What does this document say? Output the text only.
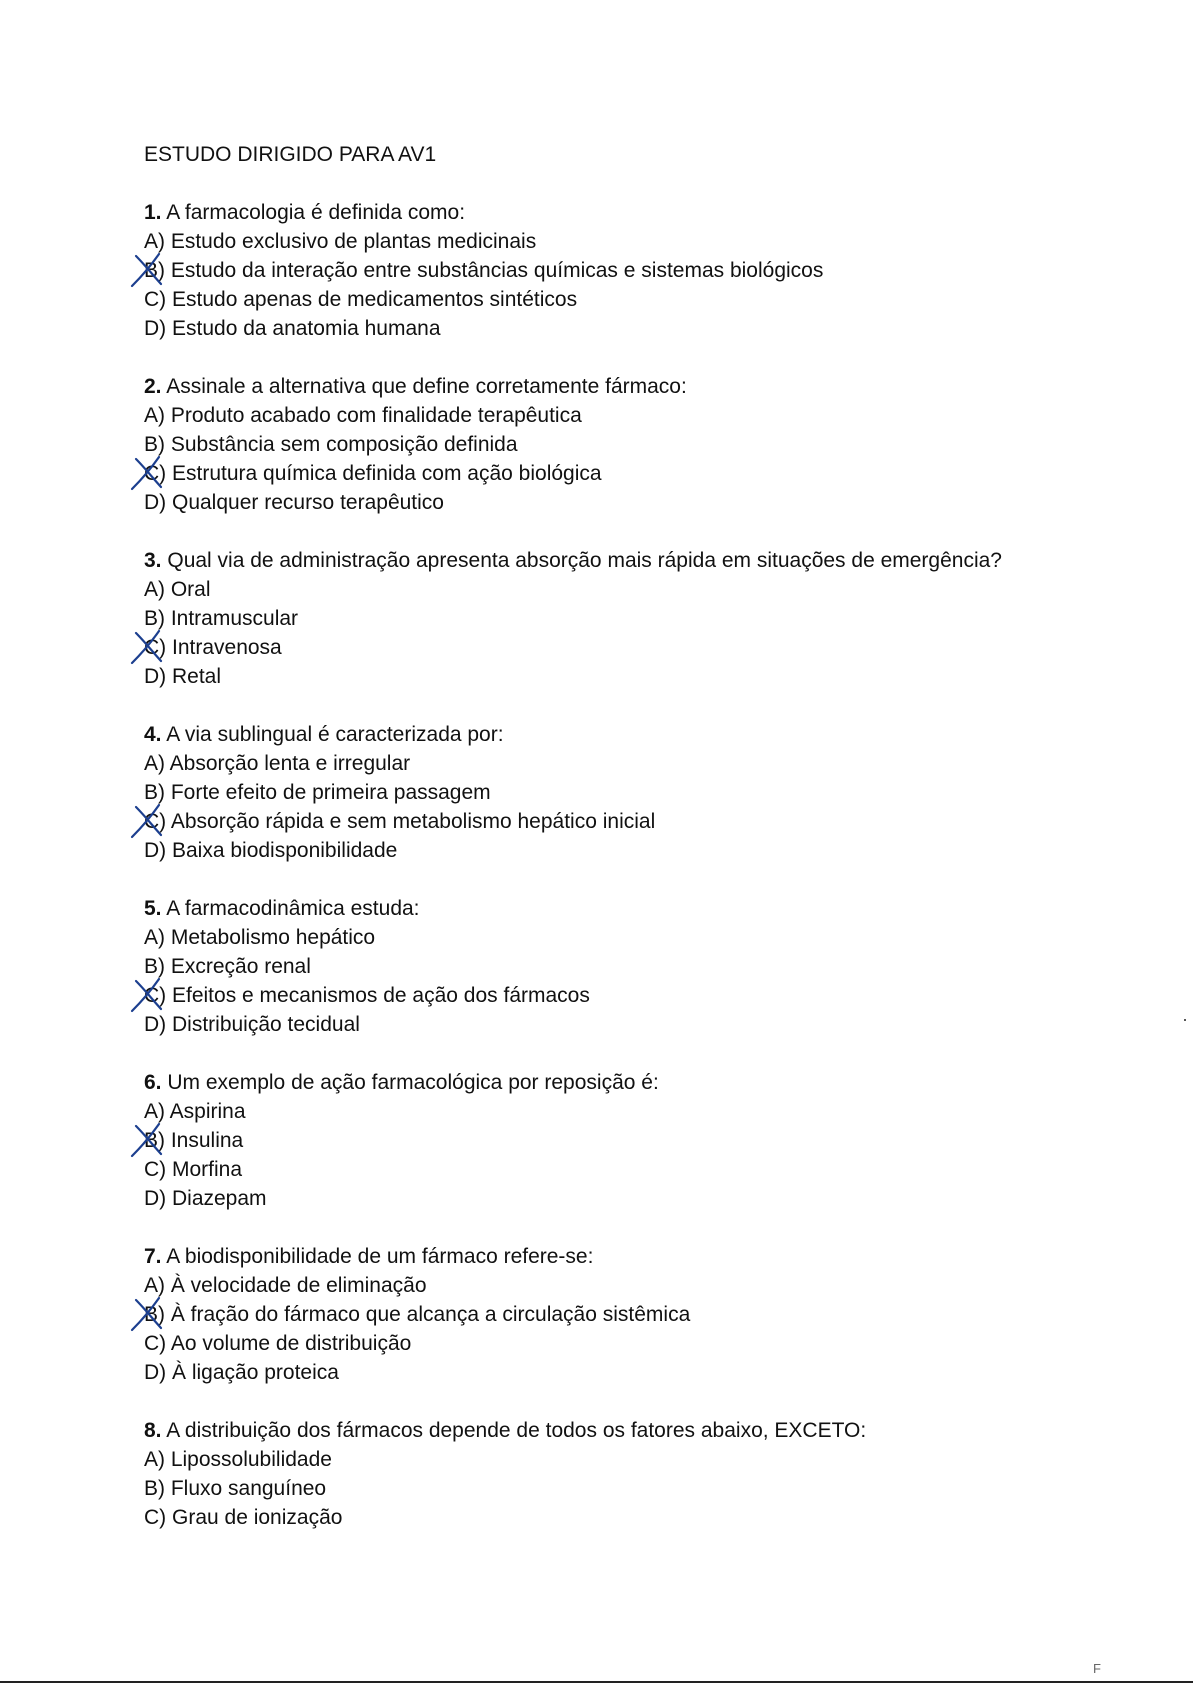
ESTUDO DIRIGIDO PARA AV1
1. A farmacologia é definida como:
A) Estudo exclusivo de plantas medicinais
B) Estudo da interação entre substâncias químicas e sistemas biológicos
C) Estudo apenas de medicamentos sintéticos
D) Estudo da anatomia humana
2. Assinale a alternativa que define corretamente fármaco:
A) Produto acabado com finalidade terapêutica
B) Substância sem composição definida
C) Estrutura química definida com ação biológica
D) Qualquer recurso terapêutico
3. Qual via de administração apresenta absorção mais rápida em situações de emergência?
A) Oral
B) Intramuscular
C) Intravenosa
D) Retal
4. A via sublingual é caracterizada por:
A) Absorção lenta e irregular
B) Forte efeito de primeira passagem
C) Absorção rápida e sem metabolismo hepático inicial
D) Baixa biodisponibilidade
5. A farmacodinâmica estuda:
A) Metabolismo hepático
B) Excreção renal
C) Efeitos e mecanismos de ação dos fármacos
D) Distribuição tecidual
6. Um exemplo de ação farmacológica por reposição é:
A) Aspirina
B) Insulina
C) Morfina
D) Diazepam
7. A biodisponibilidade de um fármaco refere-se:
A) À velocidade de eliminação
B) À fração do fármaco que alcança a circulação sistêmica
C) Ao volume de distribuição
D) À ligação proteica
8. A distribuição dos fármacos depende de todos os fatores abaixo, EXCETO:
A) Lipossolubilidade
B) Fluxo sanguíneo
C) Grau de ionização
F
